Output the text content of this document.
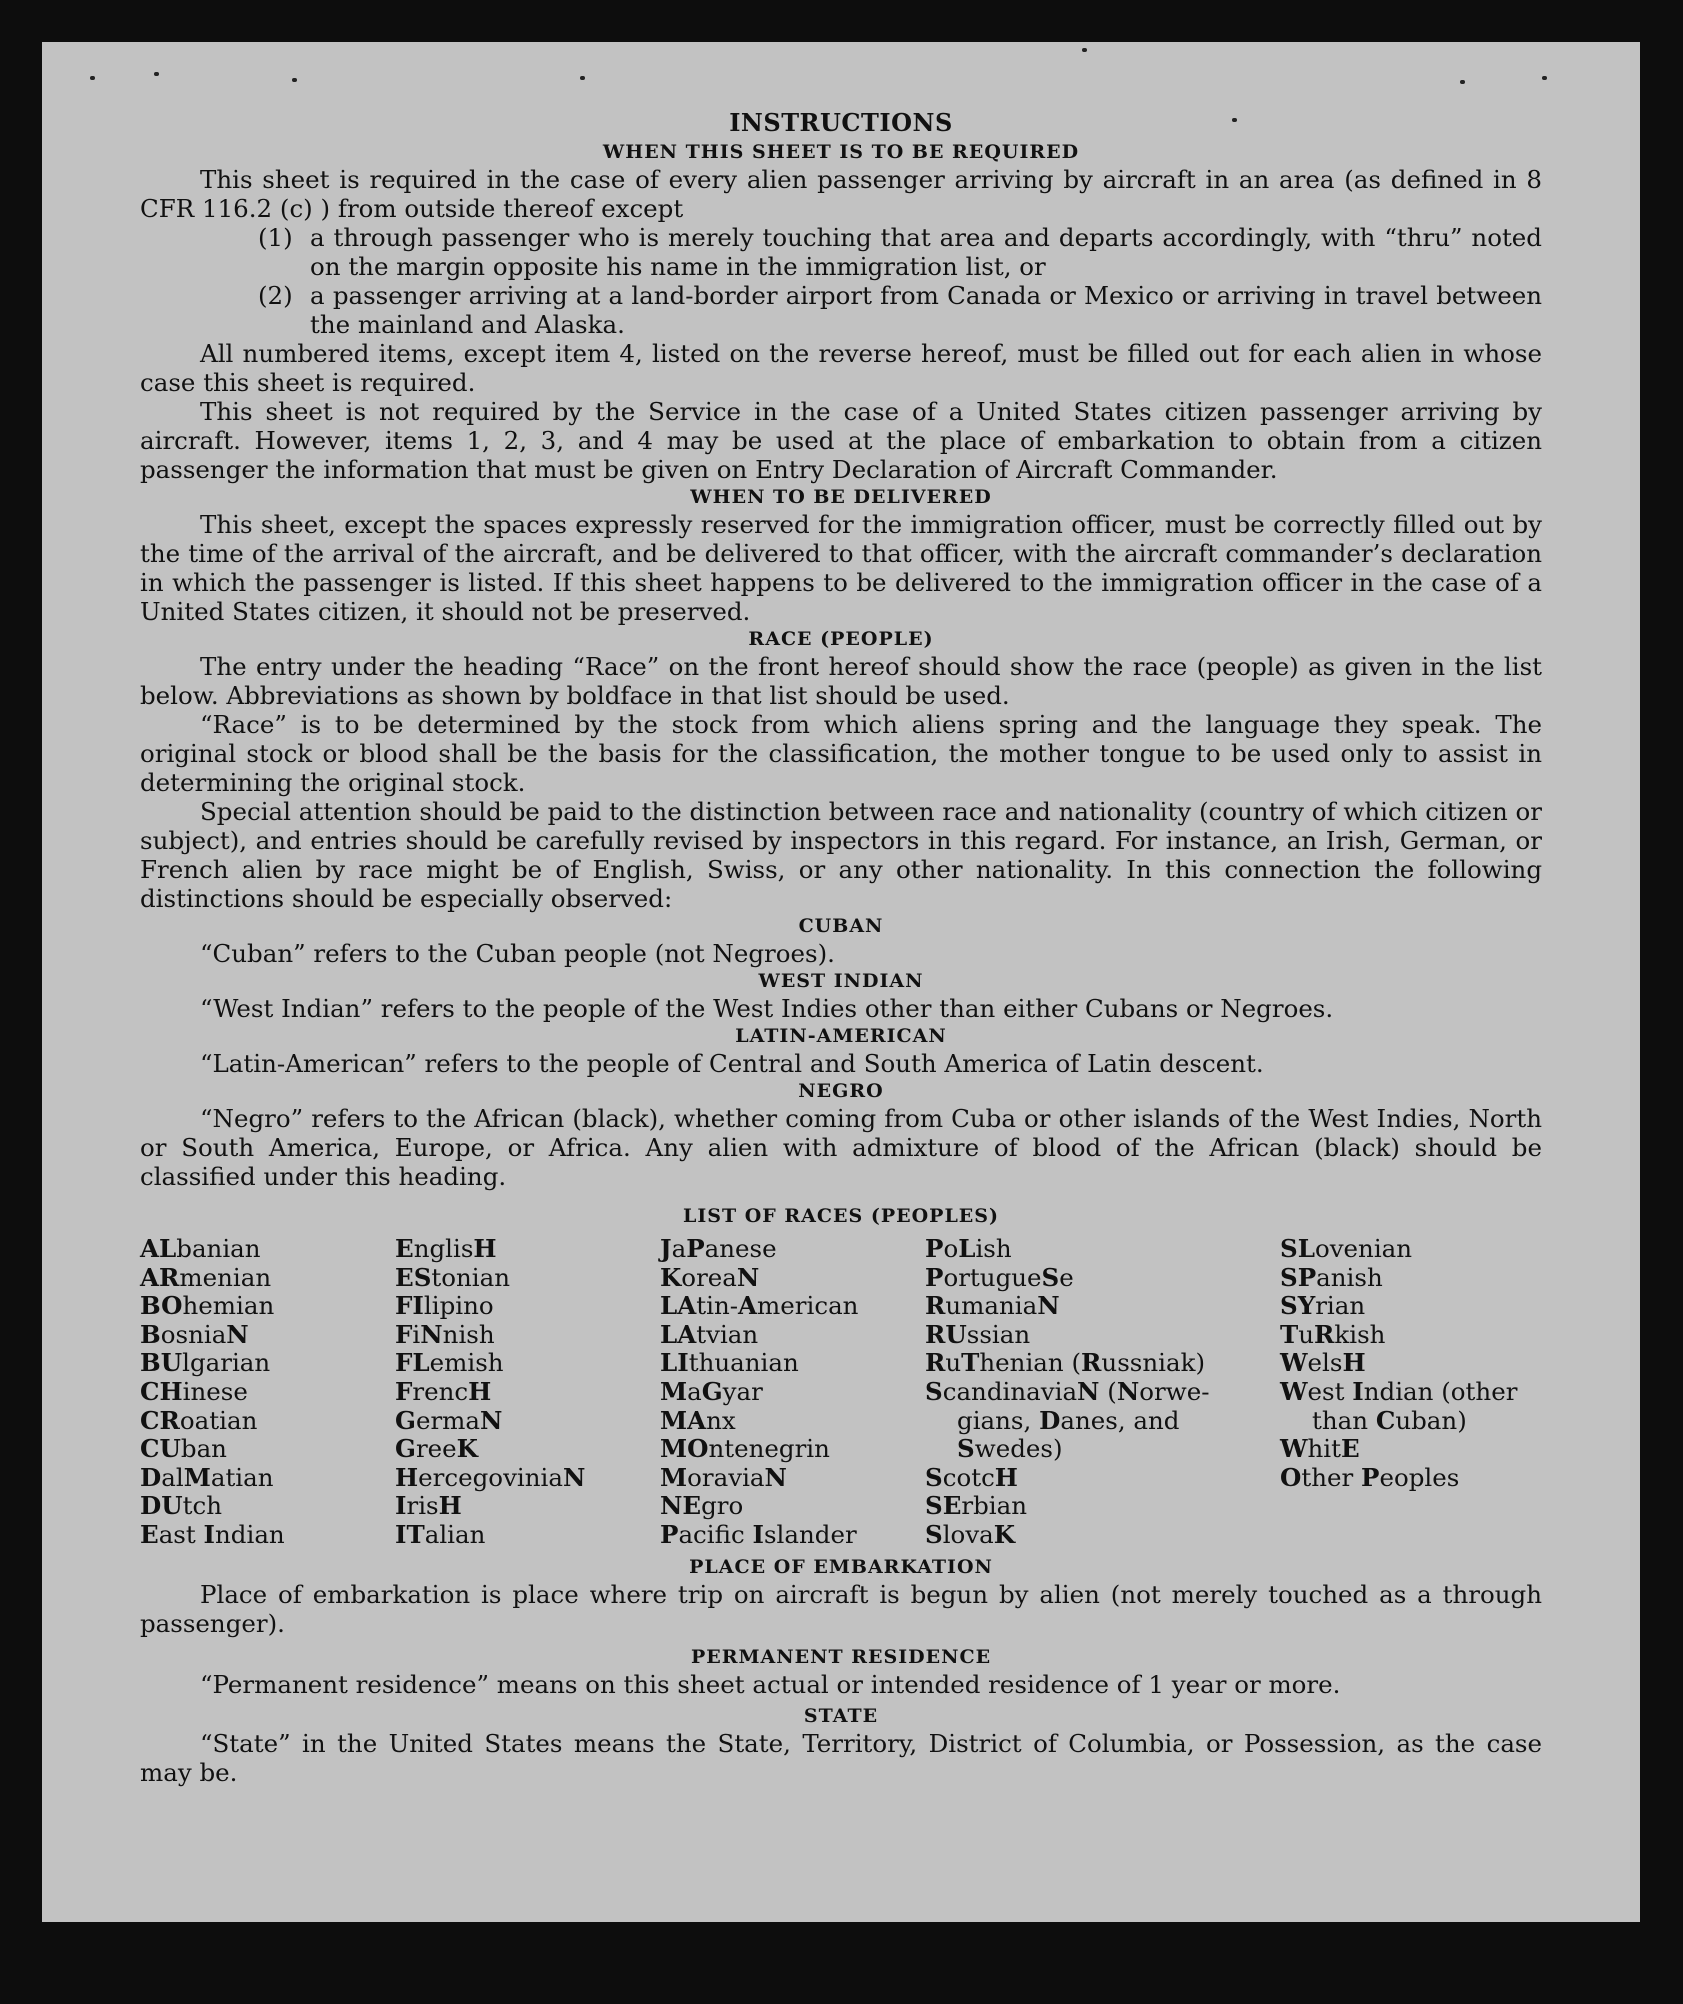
INSTRUCTIONS
WHEN THIS SHEET IS TO BE REQUIRED

This sheet is required in the case of every alien passenger arriving by aircraft in an area (as defined in 8 CFR 116.2 (c) ) from outside thereof except

(1) a through passenger who is merely touching that area and departs accordingly, with “thru” noted on the margin opposite his name in the immigration list, or
(2) a passenger arriving at a land-border airport from Canada or Mexico or arriving in travel between the mainland and Alaska.

All numbered items, except item 4, listed on the reverse hereof, must be filled out for each alien in whose case this sheet is required.

This sheet is not required by the Service in the case of a United States citizen passenger arriving by aircraft. However, items 1, 2, 3, and 4 may be used at the place of embarkation to obtain from a citizen passenger the information that must be given on Entry Declaration of Aircraft Commander.

WHEN TO BE DELIVERED

This sheet, except the spaces expressly reserved for the immigration officer, must be correctly filled out by the time of the arrival of the aircraft, and be delivered to that officer, with the aircraft commander’s declaration in which the passenger is listed. If this sheet happens to be delivered to the immigration officer in the case of a United States citizen, it should not be preserved.

RACE (PEOPLE)

The entry under the heading “Race” on the front hereof should show the race (people) as given in the list below. Abbreviations as shown by boldface in that list should be used.

“Race” is to be determined by the stock from which aliens spring and the language they speak. The original stock or blood shall be the basis for the classification, the mother tongue to be used only to assist in determining the original stock.

Special attention should be paid to the distinction between race and nationality (country of which citizen or subject), and entries should be carefully revised by inspectors in this regard. For instance, an Irish, German, or French alien by race might be of English, Swiss, or any other nationality. In this connection the following distinctions should be especially observed:

CUBAN

“Cuban” refers to the Cuban people (not Negroes).

WEST INDIAN

“West Indian” refers to the people of the West Indies other than either Cubans or Negroes.

LATIN-AMERICAN

“Latin-American” refers to the people of Central and South America of Latin descent.

NEGRO

“Negro” refers to the African (black), whether coming from Cuba or other islands of the West Indies, North or South America, Europe, or Africa. Any alien with admixture of blood of the African (black) should be classified under this heading.

LIST OF RACES (PEOPLES)
ALbanian
ARmenian
BOhemian
BosniaN
BUlgarian
CHinese
CRoatian
CUban
DalMatian
DUtch
East Indian
EnglisH
EStonian
FIlipino
FiNnish
FLemish
FrencH
GermaN
GreeK
HercegoviniaN
IrisH
ITalian
JaPanese
KoreaN
LAtin-American
LAtvian
LIthuanian
MaGyar
MAnx
MOntenegrin
MoraviaN
NEgro
Pacifc Islander
PoLish
PortugueSe
RumaniaN
RUssian
RuThenian (Russniak)
ScandinaviaN (Norwe-
gians, Danes, and
Swedes)
ScotcH
SErbian
SlovaK
SLovenian
SPanish
SYrian
TuRkish
WelsH
West Indian (other
than Cuban)
WhitE
Other Peoples
PLACE OF EMBARKATION

Place of embarkation is place where trip on aircraft is begun by alien (not merely touched as a through passenger).

PERMANENT RESIDENCE

“Permanent residence” means on this sheet actual or intended residence of 1 year or more.

STATE

“State” in the United States means the State, Territory, District of Columbia, or Possession, as the case may be.
